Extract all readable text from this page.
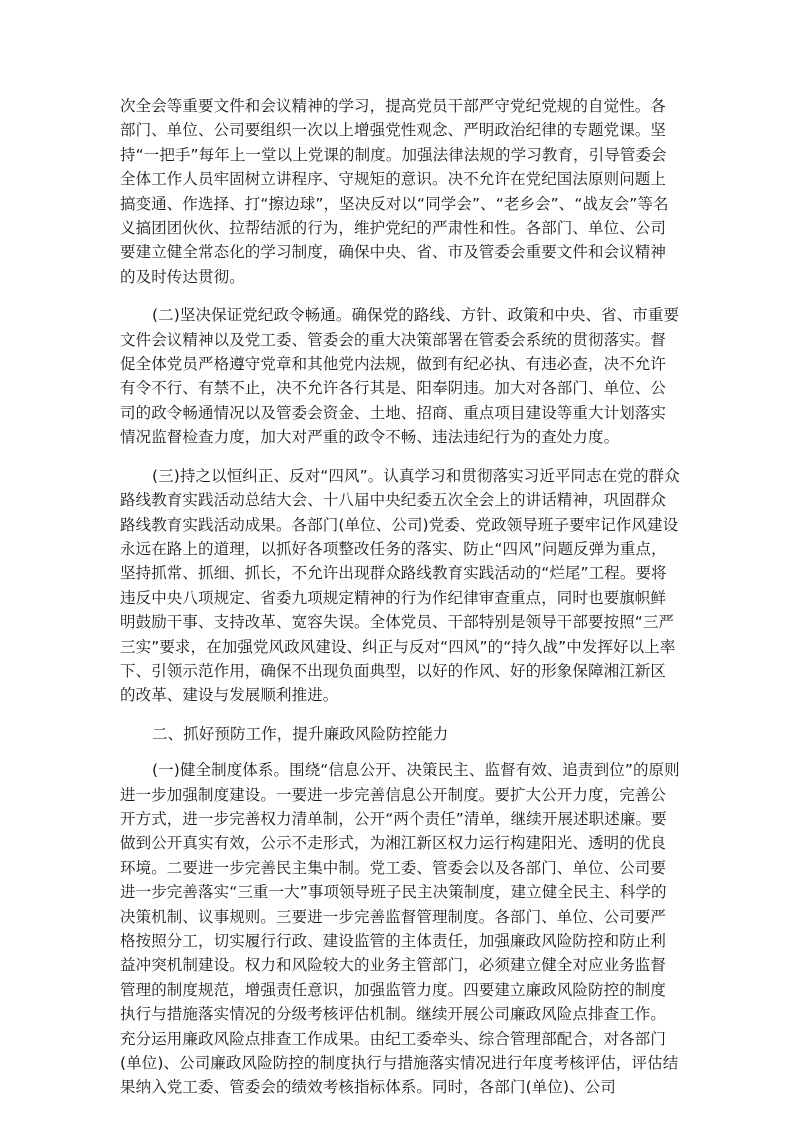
次全会等重要文件和会议精神的学习，提高党员干部严守党纪党规的自觉性。各部门、单位、公司要组织一次以上增强党性观念、严明政治纪律的专题党课。坚持“一把手”每年上一堂以上党课的制度。加强法律法规的学习教育，引导管委会全体工作人员牢固树立讲程序、守规矩的意识。决不允许在党纪国法原则问题上搞变通、作选择、打“擦边球”，坚决反对以“同学会”、“老乡会”、“战友会”等名义搞团团伙伙、拉帮结派的行为，维护党纪的严肃性和性。各部门、单位、公司要建立健全常态化的学习制度，确保中央、省、市及管委会重要文件和会议精神的及时传达贯彻。

(二)坚决保证党纪政令畅通。确保党的路线、方针、政策和中央、省、市重要文件会议精神以及党工委、管委会的重大决策部署在管委会系统的贯彻落实。督促全体党员严格遵守党章和其他党内法规，做到有纪必执、有违必查，决不允许有令不行、有禁不止，决不允许各行其是、阳奉阴违。加大对各部门、单位、公司的政令畅通情况以及管委会资金、土地、招商、重点项目建设等重大计划落实情况监督检查力度，加大对严重的政令不畅、违法违纪行为的查处力度。

(三)持之以恒纠正、反对“四风”。认真学习和贯彻落实习近平同志在党的群众路线教育实践活动总结大会、十八届中央纪委五次全会上的讲话精神，巩固群众路线教育实践活动成果。各部门(单位、公司)党委、党政领导班子要牢记作风建设永远在路上的道理，以抓好各项整改任务的落实、防止“四风”问题反弹为重点，坚持抓常、抓细、抓长，不允许出现群众路线教育实践活动的“烂尾”工程。要将违反中央八项规定、省委九项规定精神的行为作纪律审查重点，同时也要旗帜鲜明鼓励干事、支持改革、宽容失误。全体党员、干部特别是领导干部要按照“三严三实”要求，在加强党风政风建设、纠正与反对“四风”的“持久战”中发挥好以上率下、引领示范作用，确保不出现负面典型，以好的作风、好的形象保障湘江新区的改革、建设与发展顺利推进。

二、抓好预防工作，提升廉政风险防控能力

(一)健全制度体系。围绕“信息公开、决策民主、监督有效、追责到位”的原则进一步加强制度建设。一要进一步完善信息公开制度。要扩大公开力度，完善公开方式，进一步完善权力清单制，公开“两个责任”清单，继续开展述职述廉。要做到公开真实有效，公示不走形式，为湘江新区权力运行构建阳光、透明的优良环境。二要进一步完善民主集中制。党工委、管委会以及各部门、单位、公司要进一步完善落实“三重一大”事项领导班子民主决策制度，建立健全民主、科学的决策机制、议事规则。三要进一步完善监督管理制度。各部门、单位、公司要严格按照分工，切实履行行政、建设监管的主体责任，加强廉政风险防控和防止利益冲突机制建设。权力和风险较大的业务主管部门，必须建立健全对应业务监督管理的制度规范，增强责任意识，加强监管力度。四要建立廉政风险防控的制度执行与措施落实情况的分级考核评估机制。继续开展公司廉政风险点排查工作。充分运用廉政风险点排查工作成果。由纪工委牵头、综合管理部配合，对各部门(单位)、公司廉政风险防控的制度执行与措施落实情况进行年度考核评估，评估结果纳入党工委、管委会的绩效考核指标体系。同时，各部门(单位)、公司
